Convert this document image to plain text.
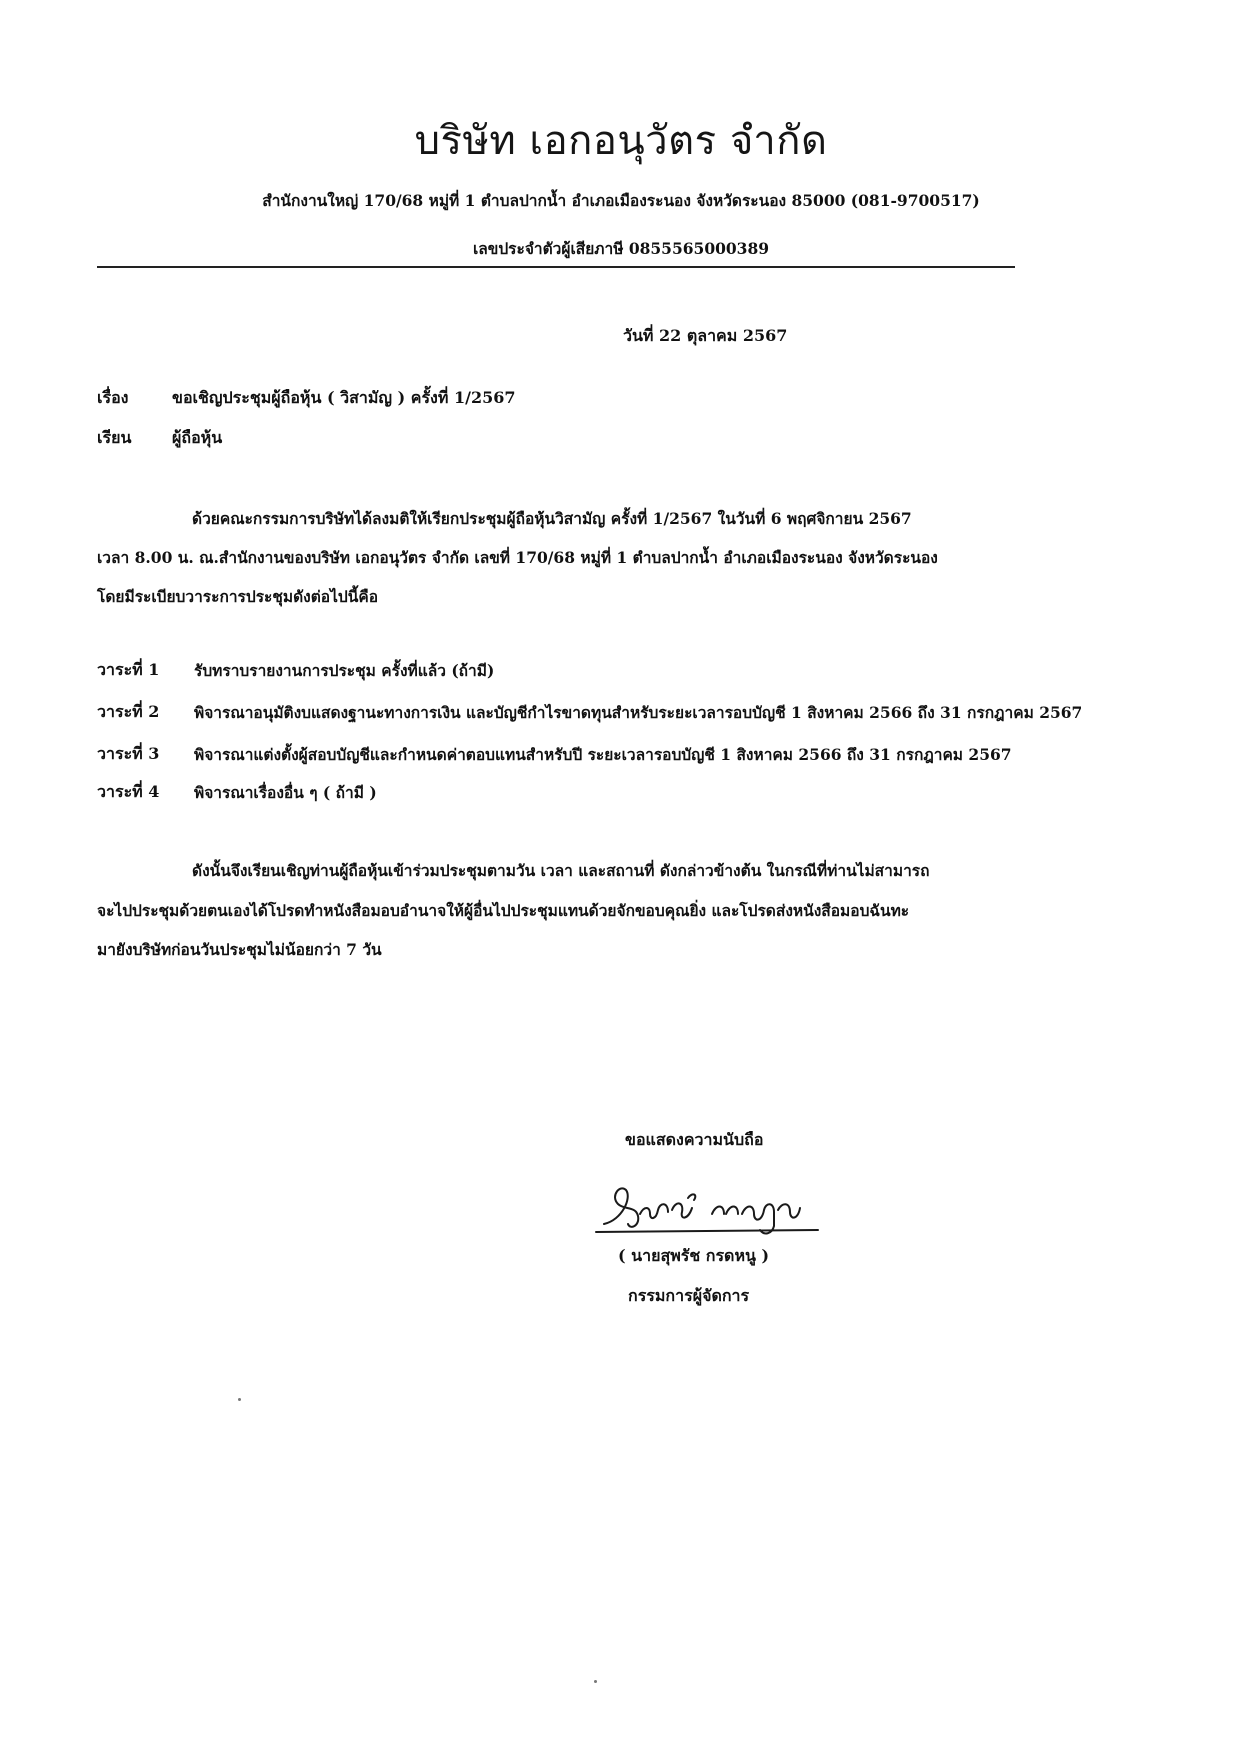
บริษัท เอกอนุวัตร จำกัด
สำนักงานใหญ่ 170/68 หมู่ที่ 1 ตำบลปากน้ำ อำเภอเมืองระนอง จังหวัดระนอง 85000 (081-9700517)
เลขประจำตัวผู้เสียภาษี 0855565000389
วันที่ 22 ตุลาคม 2567
เรื่อง	ขอเชิญประชุมผู้ถือหุ้น ( วิสามัญ ) ครั้งที่ 1/2567
เรียน	ผู้ถือหุ้น
ด้วยคณะกรรมการบริษัทได้ลงมติให้เรียกประชุมผู้ถือหุ้นวิสามัญ ครั้งที่ 1/2567 ในวันที่ 6 พฤศจิกายน 2567
เวลา 8.00 น. ณ.สำนักงานของบริษัท เอกอนุวัตร จำกัด เลขที่ 170/68 หมู่ที่ 1 ตำบลปากน้ำ อำเภอเมืองระนอง จังหวัดระนอง
โดยมีระเบียบวาระการประชุมดังต่อไปนี้คือ
วาระที่ 1 รับทราบรายงานการประชุม ครั้งที่แล้ว (ถ้ามี)
วาระที่ 2 พิจารณาอนุมัติงบแสดงฐานะทางการเงิน และบัญชีกำไรขาดทุนสำหรับระยะเวลารอบบัญชี 1 สิงหาคม 2566 ถึง 31 กรกฎาคม 2567
วาระที่ 3 พิจารณาแต่งตั้งผู้สอบบัญชีและกำหนดค่าตอบแทนสำหรับปี ระยะเวลารอบบัญชี 1 สิงหาคม 2566 ถึง 31 กรกฎาคม 2567
วาระที่ 4 พิจารณาเรื่องอื่น ๆ ( ถ้ามี )
ดังนั้นจึงเรียนเชิญท่านผู้ถือหุ้นเข้าร่วมประชุมตามวัน เวลา และสถานที่ ดังกล่าวข้างต้น ในกรณีที่ท่านไม่สามารถ
จะไปประชุมด้วยตนเองได้โปรดทำหนังสือมอบอำนาจให้ผู้อื่นไปประชุมแทนด้วยจักขอบคุณยิ่ง และโปรดส่งหนังสือมอบฉันทะ
มายังบริษัทก่อนวันประชุมไม่น้อยกว่า 7 วัน
ขอแสดงความนับถือ
( นายสุพรัช กรดหนู )
กรรมการผู้จัดการ
